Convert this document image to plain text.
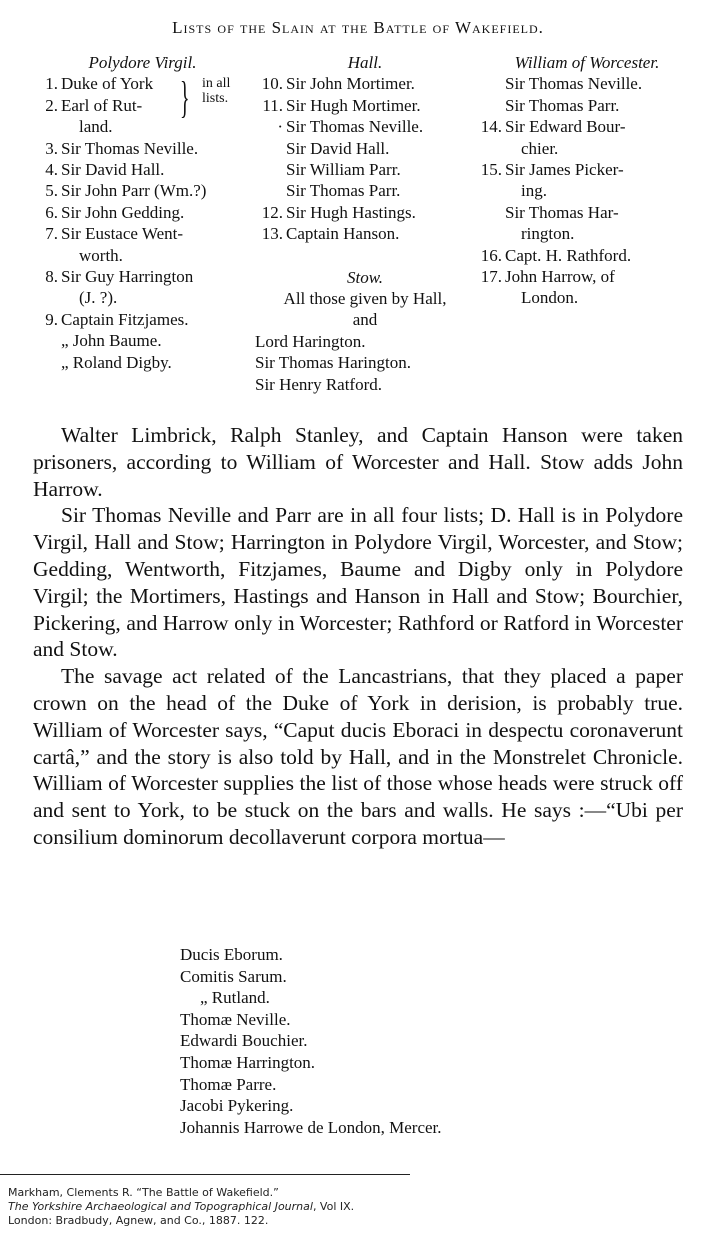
Lists of the Slain at the Battle of Wakefield.
Polydore Virgil.
1. Duke of York
2. Earl of Rut-
land.
3. Sir Thomas Neville.
4. Sir David Hall.
5. Sir John Parr (Wm.?)
6. Sir John Gedding.
7. Sir Eustace Went-
worth.
8. Sir Guy Harrington
(J. ?).
9. Captain Fitzjames.
„ John Baume.
„ Roland Digby.
} in all lists.
Hall.
10. Sir John Mortimer.
11. Sir Hugh Mortimer.
· Sir Thomas Neville.
Sir David Hall.
Sir William Parr.
Sir Thomas Parr.
12. Sir Hugh Hastings.
13. Captain Hanson.
Stow.
All those given by Hall,
and
Lord Harington.
Sir Thomas Harington.
Sir Henry Ratford.
William of Worcester.
Sir Thomas Neville.
Sir Thomas Parr.
14. Sir Edward Bour-
chier.
15. Sir James Picker-
ing.
Sir Thomas Har-
rington.
16. Capt. H. Rathford.
17. John Harrow, of
London.

Walter Limbrick, Ralph Stanley, and Captain Hanson were taken prisoners, according to William of Worcester and Hall. Stow adds John Harrow.

Sir Thomas Neville and Parr are in all four lists; D. Hall is in Polydore Virgil, Hall and Stow; Harrington in Polydore Virgil, Worcester, and Stow; Gedding, Wentworth, Fitzjames, Baume and Digby only in Polydore Virgil; the Mortimers, Hastings and Hanson in Hall and Stow; Bourchier, Pickering, and Harrow only in Worcester; Rathford or Ratford in Worcester and Stow.

The savage act related of the Lancastrians, that they placed a paper crown on the head of the Duke of York in derision, is probably true. William of Worcester says, “Caput ducis Eboraci in despectu coronaverunt cartâ,” and the story is also told by Hall, and in the Monstrelet Chronicle. William of Worcester supplies the list of those whose heads were struck off and sent to York, to be stuck on the bars and walls. He says :—“Ubi per consilium dominorum decollaverunt corpora mortua—

Ducis Eborum.
Comitis Sarum.
„ Rutland.
Thomæ Neville.
Edwardi Bouchier.
Thomæ Harrington.
Thomæ Parre.
Jacobi Pykering.
Johannis Harrowe de London, Mercer.
Markham, Clements R. “The Battle of Wakefield.”
The Yorkshire Archaeological and Topographical Journal, Vol IX.
London: Bradbudy, Agnew, and Co., 1887. 122.
